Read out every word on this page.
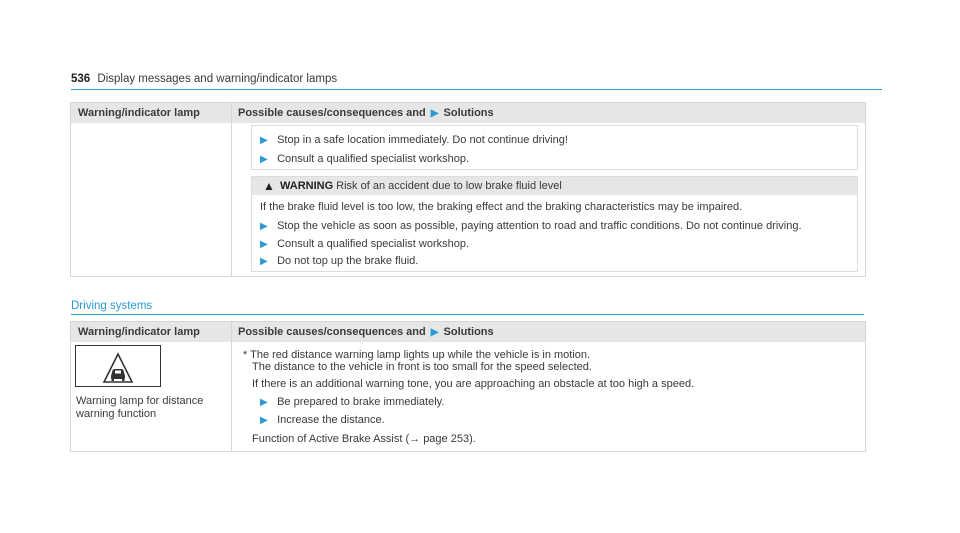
536 Display messages and warning/indicator lamps
Warning/indicator lamp	Possible causes/consequences and ▶ Solutions
▶ Stop in a safe location immediately. Do not continue driving!
▶ Consult a qualified specialist workshop.
▲ WARNING Risk of an accident due to low brake fluid level
If the brake fluid level is too low, the braking effect and the braking characteristics may be impaired.
▶ Stop the vehicle as soon as possible, paying attention to road and traffic conditions. Do not continue driving.
▶ Consult a qualified specialist workshop.
▶ Do not top up the brake fluid.
Driving systems
Warning/indicator lamp	Possible causes/consequences and ▶ Solutions
Warning lamp for distance
warning function
* The red distance warning lamp lights up while the vehicle is in motion.
The distance to the vehicle in front is too small for the speed selected.
If there is an additional warning tone, you are approaching an obstacle at too high a speed.
▶ Be prepared to brake immediately.
▶ Increase the distance.
Function of Active Brake Assist (→ page 253).
